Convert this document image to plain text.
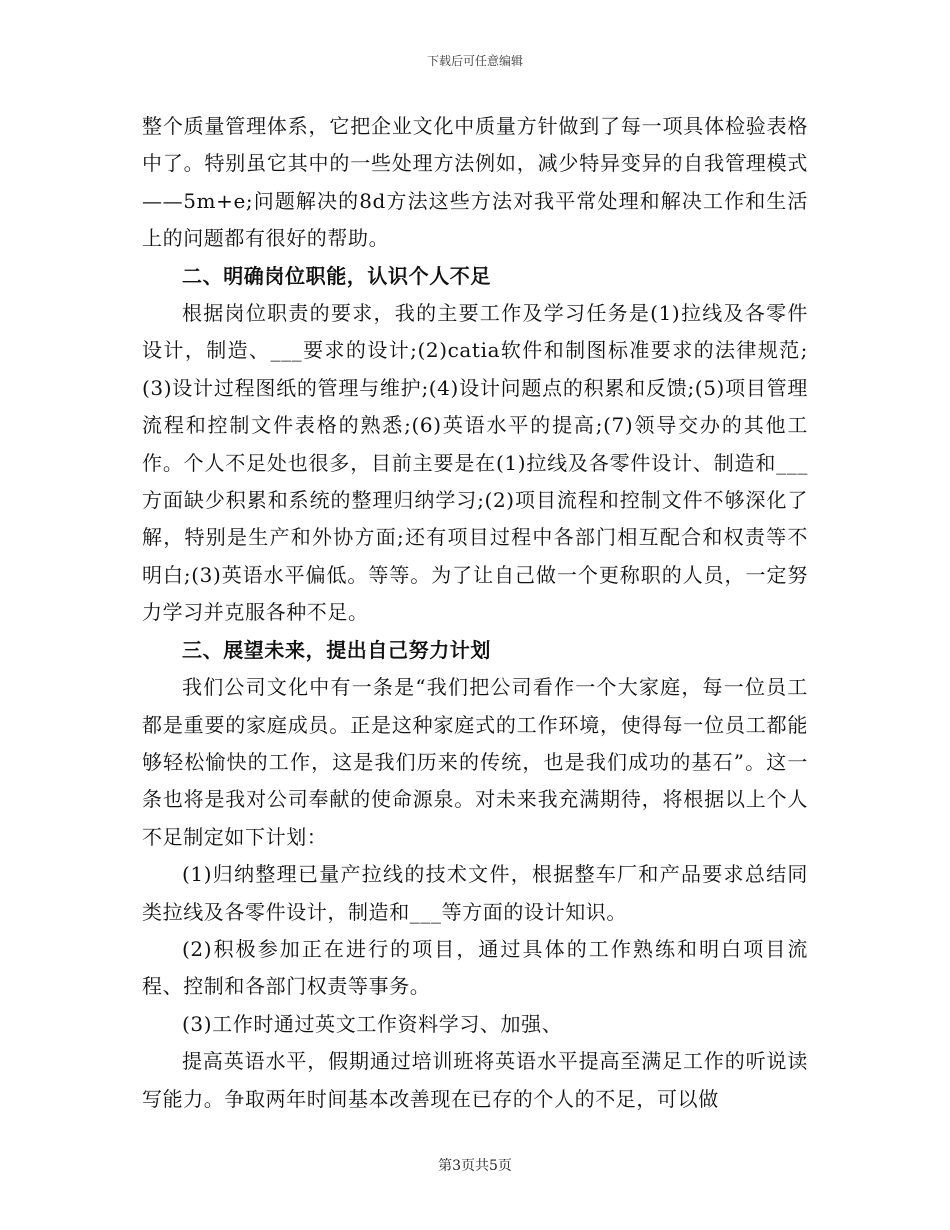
下载后可任意编辑

整个质量管理体系，它把企业文化中质量方针做到了每一项具体检验表格中了。特别虽它其中的一些处理方法例如，减少特异变异的自我管理模式——5m+e;问题解决的8d方法这些方法对我平常处理和解决工作和生活上的问题都有很好的帮助。

二、明确岗位职能，认识个人不足

根据岗位职责的要求，我的主要工作及学习任务是(1)拉线及各零件设计，制造、___要求的设计;(2)catia软件和制图标准要求的法律规范;(3)设计过程图纸的管理与维护;(4)设计问题点的积累和反馈;(5)项目管理流程和控制文件表格的熟悉;(6)英语水平的提高;(7)领导交办的其他工作。个人不足处也很多，目前主要是在(1)拉线及各零件设计、制造和___方面缺少积累和系统的整理归纳学习;(2)项目流程和控制文件不够深化了解，特别是生产和外协方面;还有项目过程中各部门相互配合和权责等不明白;(3)英语水平偏低。等等。为了让自己做一个更称职的人员，一定努力学习并克服各种不足。

三、展望未来，提出自己努力计划

我们公司文化中有一条是“我们把公司看作一个大家庭，每一位员工都是重要的家庭成员。正是这种家庭式的工作环境，使得每一位员工都能够轻松愉快的工作，这是我们历来的传统，也是我们成功的基石”。这一条也将是我对公司奉献的使命源泉。对未来我充满期待，将根据以上个人不足制定如下计划：

(1)归纳整理已量产拉线的技术文件，根据整车厂和产品要求总结同类拉线及各零件设计，制造和___等方面的设计知识。

(2)积极参加正在进行的项目，通过具体的工作熟练和明白项目流程、控制和各部门权责等事务。

(3)工作时通过英文工作资料学习、加强、

提高英语水平，假期通过培训班将英语水平提高至满足工作的听说读写能力。争取两年时间基本改善现在已存的个人的不足，可以做

第3页共5页
